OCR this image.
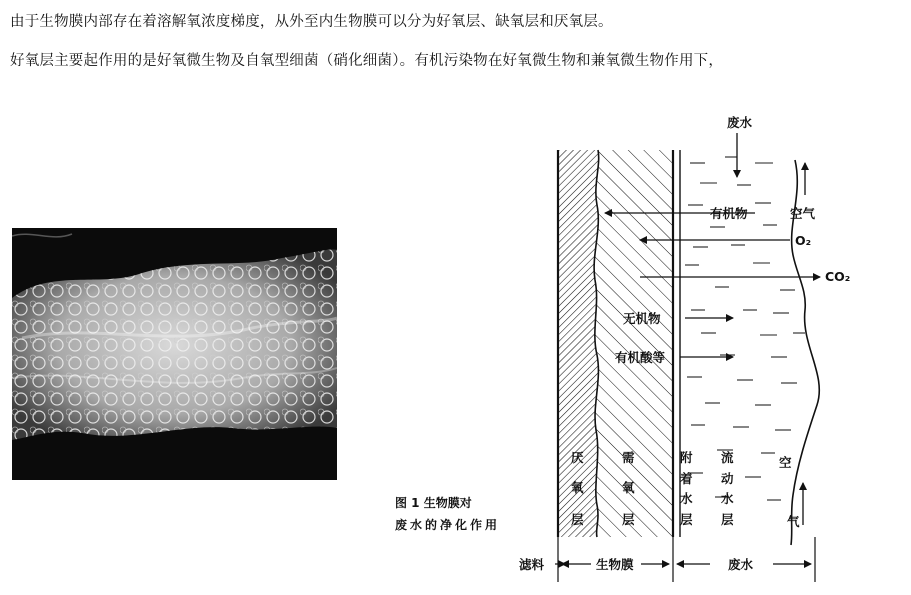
由于生物膜内部存在着溶解氧浓度梯度，从外至内生物膜可以分为好氧层、缺氧层和厌氧层。
好氧层主要起作用的是好氧微生物及自氧型细菌（硝化细菌）。有机污染物在好氧微生物和兼氧微生物作用下，
图 1 生物膜对
废水的净化作用
废水
有机物	空气
O₂
CO₂
无机物
有机酸等
厌
氧
层
需
氧
层
附
着
水
层
流
动
水
层
空
气
滤料	生物膜	废水
